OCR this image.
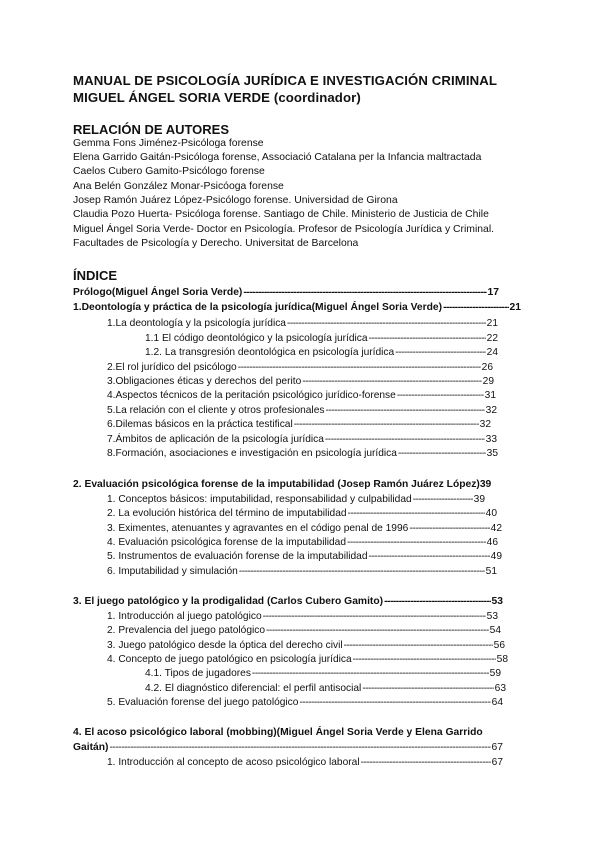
MANUAL DE PSICOLOGÍA JURÍDICA E INVESTIGACIÓN CRIMINAL
MIGUEL ÁNGEL SORIA VERDE (coordinador)
RELACIÓN DE AUTORES
Gemma Fons Jiménez-Psicóloga forense
Elena Garrido Gaitán-Psicóloga forense, Associació Catalana per la Infancia maltractada
Caelos Cubero Gamito-Psicólogo forense
Ana Belén González Monar-Psicóoga forense
Josep Ramón Juárez López-Psicólogo forense. Universidad de Girona
Claudia Pozo Huerta- Psicóloga forense. Santiago de Chile. Ministerio de Justicia de Chile
Miguel Ángel Soria Verde- Doctor en Psicología. Profesor de Psicología Jurídica y Criminal.
Facultades de Psicología y Derecho. Universitat de Barcelona
ÍNDICE
Prólogo(Miguel Ángel Soria Verde) -----	17
1.Deontología y práctica de la psicología jurídica(Miguel Ángel Soria Verde) -----	21
1.La deontología y la psicología jurídica -----	21
1.1 El código deontológico y la psicología jurídica -----	22
1.2. La transgresión deontológica en psicología jurídica -----	24
2.El rol jurídico del psicólogo -----	26
3.Obligaciones éticas y derechos del perito -----	29
4.Aspectos técnicos de la peritación psicológico jurídico-forense -----	31
5.La relación con el cliente y otros profesionales -----	32
6.Dilemas básicos en la práctica testifical -----	32
7.Ámbitos de aplicación de la psicología jurídica -----	33
8.Formación, asociaciones e investigación en psicología jurídica -----	35
2. Evaluación psicológica forense de la imputabilidad (Josep Ramón Juárez López) 39
1. Conceptos básicos: imputabilidad, responsabilidad y culpabilidad -----	39
2. La evolución histórica del término de imputabilidad -----	40
3. Eximentes, atenuantes y agravantes en el código penal de 1996 -----	42
4. Evaluación psicológica forense de la imputabilidad -----	46
5. Instrumentos de evaluación forense de la imputabilidad -----	49
6. Imputabilidad y simulación -----	51
3. El juego patológico y la prodigalidad (Carlos Cubero Gamito) -----	53
1. Introducción al juego patológico -----	53
2. Prevalencia del juego patológico -----	54
3. Juego patológico desde la óptica del derecho civil -----	56
4. Concepto de juego patológico en psicología jurídica -----	58
4.1. Tipos de jugadores -----	59
4.2. El diagnóstico diferencial: el perfil antisocial -----	63
5. Evaluación forense del juego patológico -----	64
4. El acoso psicológico laboral (mobbing)(Miguel Ángel Soria Verde y Elena Garrido
Gaitán) -----	67
1. Introducción al concepto de acoso psicológico laboral -----	67
